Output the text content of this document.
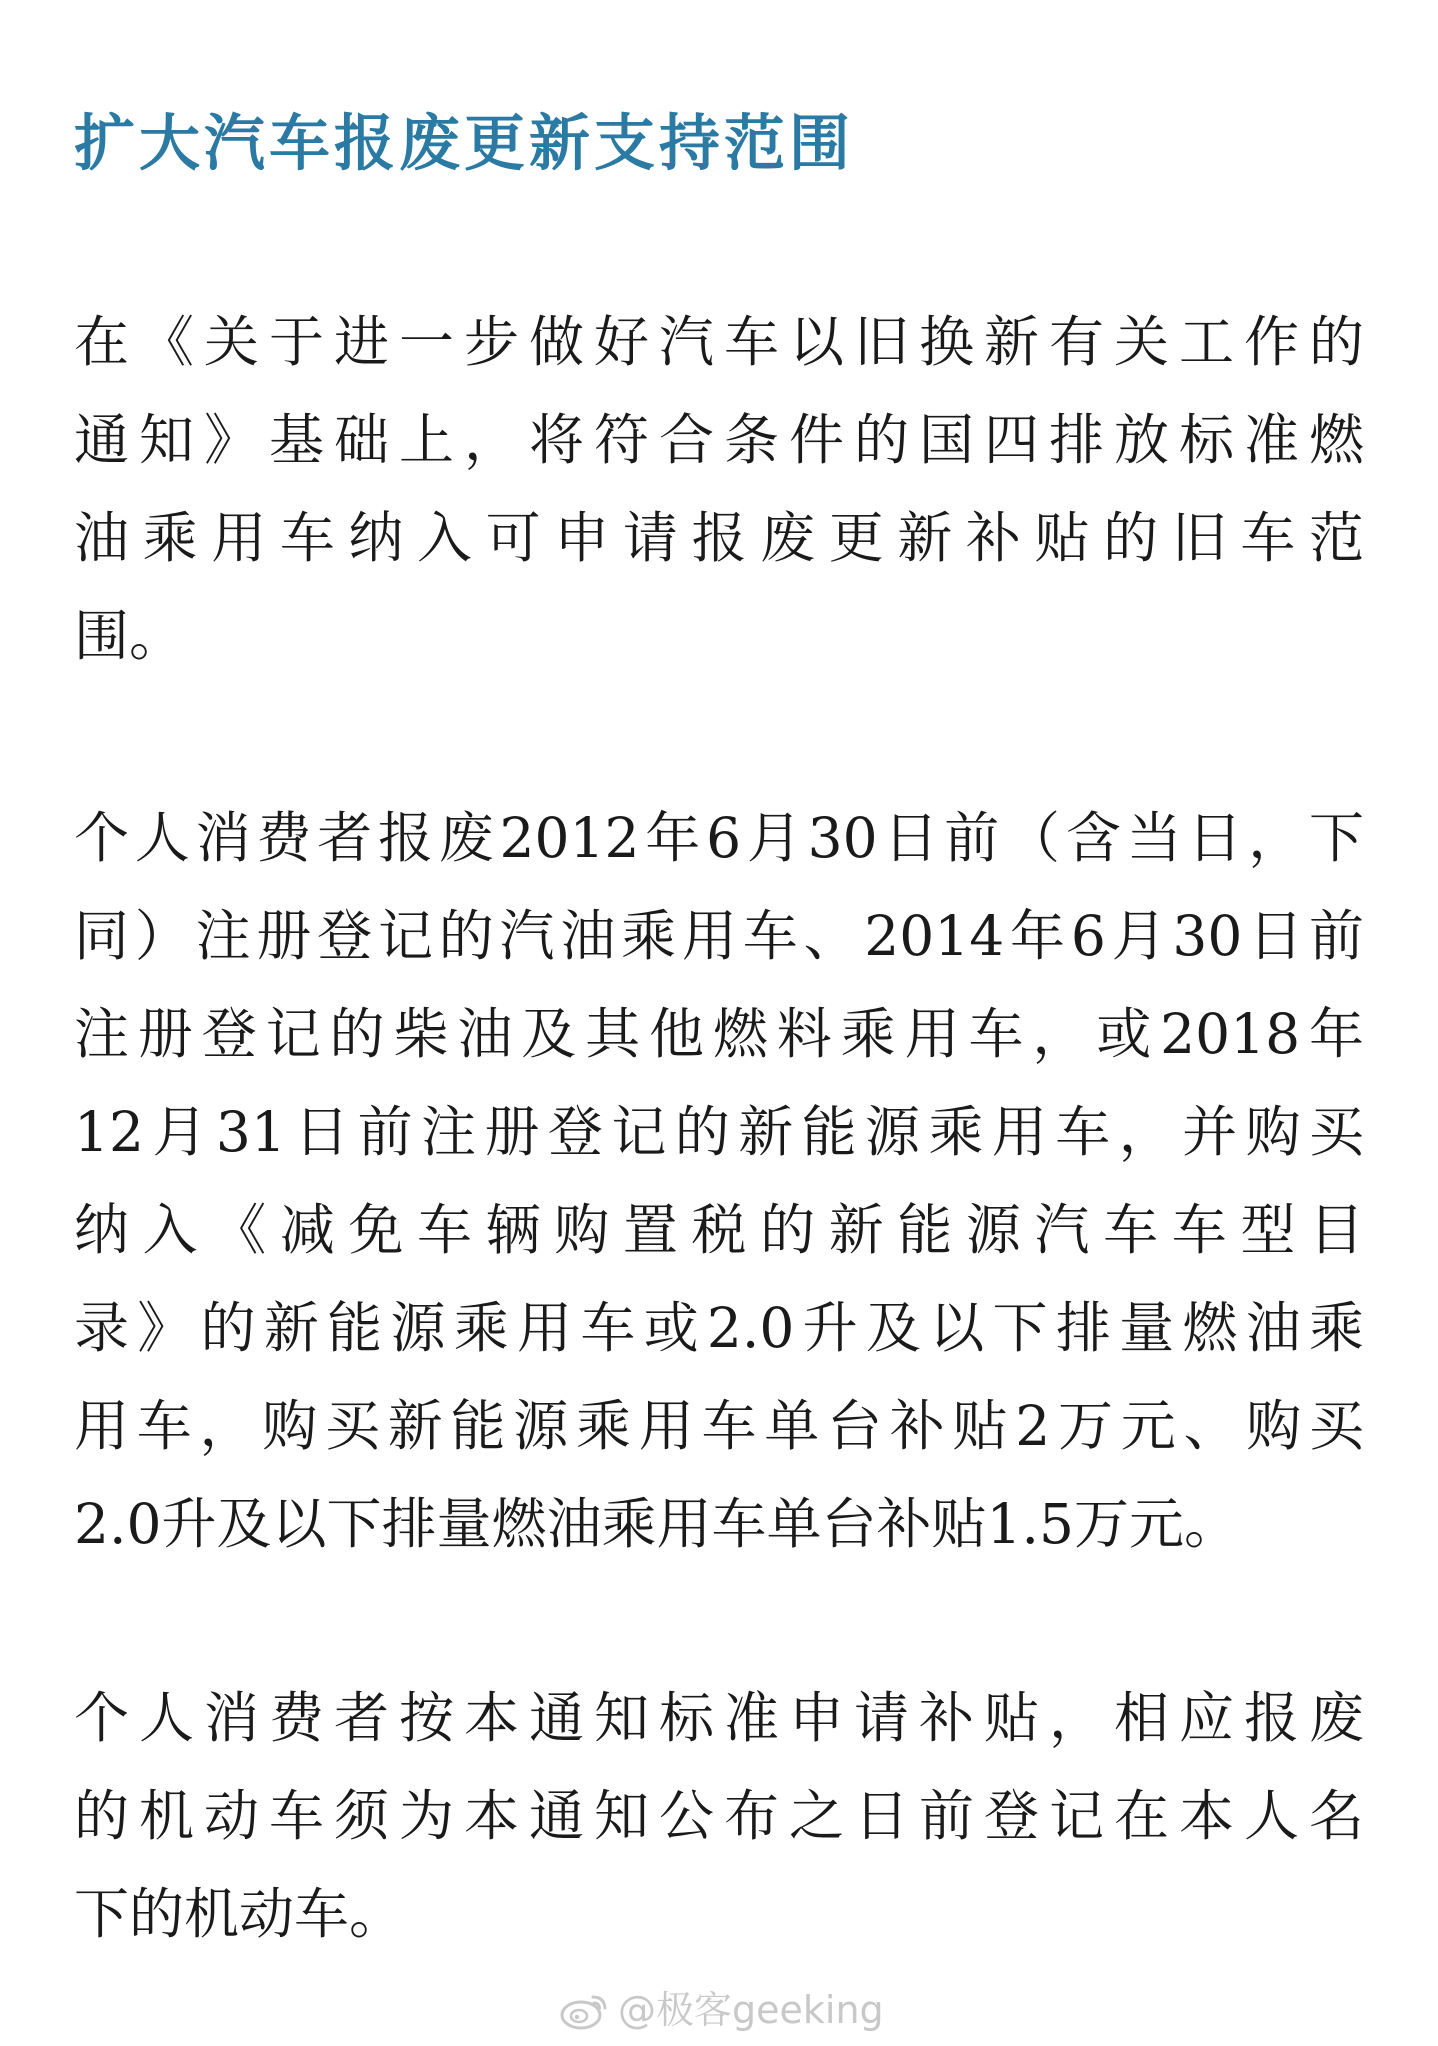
扩大汽车报废更新支持范围

在《关于进一步做好汽车以旧换新有关工作的
通知》基础上，将符合条件的国四排放标准燃
油乘用车纳入可申请报废更新补贴的旧车范
围。

个人消费者报废2012年6月30日前（含当日，下
同）注册登记的汽油乘用车、2014年6月30日前
注册登记的柴油及其他燃料乘用车，或2018年
12月31日前注册登记的新能源乘用车，并购买
纳入《减免车辆购置税的新能源汽车车型目
录》的新能源乘用车或2.0升及以下排量燃油乘
用车，购买新能源乘用车单台补贴2万元、购买
2.0升及以下排量燃油乘用车单台补贴1.5万元。

个人消费者按本通知标准申请补贴，相应报废
的机动车须为本通知公布之日前登记在本人名
下的机动车。

@极客geeking
